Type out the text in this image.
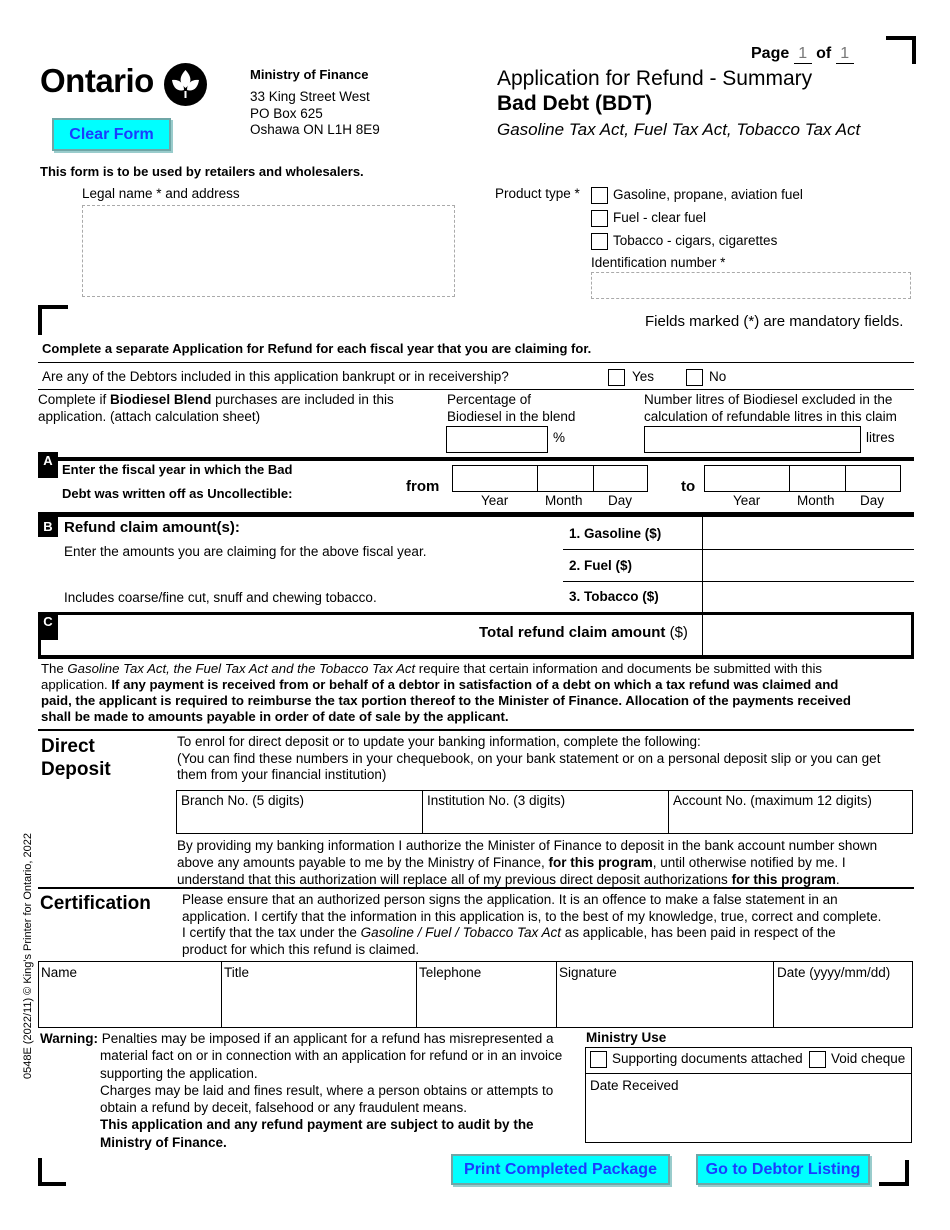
Page 1 of 1
Ontario	Ministry of Finance
33 King Street West
PO Box 625
Oshawa ON L1H 8E9
Application for Refund - Summary
Bad Debt (BDT)
Gasoline Tax Act, Fuel Tax Act, Tobacco Tax Act
Clear Form
This form is to be used by retailers and wholesalers.
Legal name * and address	Product type * Gasoline, propane, aviation fuel
Fuel - clear fuel
Tobacco - cigars, cigarettes
Identification number *
Fields marked (*) are mandatory fields.
Complete a separate Application for Refund for each fiscal year that you are claiming for.
Are any of the Debtors included in this application bankrupt or in receivership?	Yes	No
Complete if Biodiesel Blend purchases are included in this
application. (attach calculation sheet)
Percentage of
Biodiesel in the blend
%
Number litres of Biodiesel excluded in the
calculation of refundable litres in this claim
litres
A
Enter the fiscal year in which the Bad
Debt was written off as Uncollectible:	from
Year	Month Day
to
Year	Month Day
B Refund claim amount(s):
Enter the amounts you are claiming for the above fiscal year.
Includes coarse/fine cut, snuff and chewing tobacco.
1. Gasoline ($)
2. Fuel ($)
3. Tobacco ($)
C
Total refund claim amount ($)
The Gasoline Tax Act, the Fuel Tax Act and the Tobacco Tax Act require that certain information and documents be submitted with this
application. If any payment is received from or behalf of a debtor in satisfaction of a debt on which a tax refund was claimed and
paid, the applicant is required to reimburse the tax portion thereof to the Minister of Finance. Allocation of the payments received
shall be made to amounts payable in order of date of sale by the applicant.
Direct
Deposit
To enrol for direct deposit or to update your banking information, complete the following:
(You can find these numbers in your chequebook, on your bank statement or on a personal deposit slip or you can get
them from your financial institution)
Branch No. (5 digits)	Institution No. (3 digits)	Account No. (maximum 12 digits)
By providing my banking information I authorize the Minister of Finance to deposit in the bank account number shown
above any amounts payable to me by the Ministry of Finance, for this program, until otherwise notified by me. I
understand that this authorization will replace all of my previous direct deposit authorizations for this program.
Certification Please ensure that an authorized person signs the application. It is an offence to make a false statement in an
application. I certify that the information in this application is, to the best of my knowledge, true, correct and complete.
I certify that the tax under the Gasoline / Fuel / Tobacco Tax Act as applicable, has been paid in respect of the
product for which this refund is claimed.
Name	Title	Telephone	Signature	Date (yyyy/mm/dd)
Warning: Penalties may be imposed if an applicant for a refund has misrepresented a
material fact on or in connection with an application for refund or in an invoice
supporting the application.
Charges may be laid and fines result, where a person obtains or attempts to
obtain a refund by deceit, falsehood or any fraudulent means.
This application and any refund payment are subject to audit by the
Ministry of Finance.
Ministry Use
Supporting documents attached Void cheque
Date Received
0548E (2022/11) © King's Printer for Ontario, 2022
Print Completed Package	Go to Debtor Listing
